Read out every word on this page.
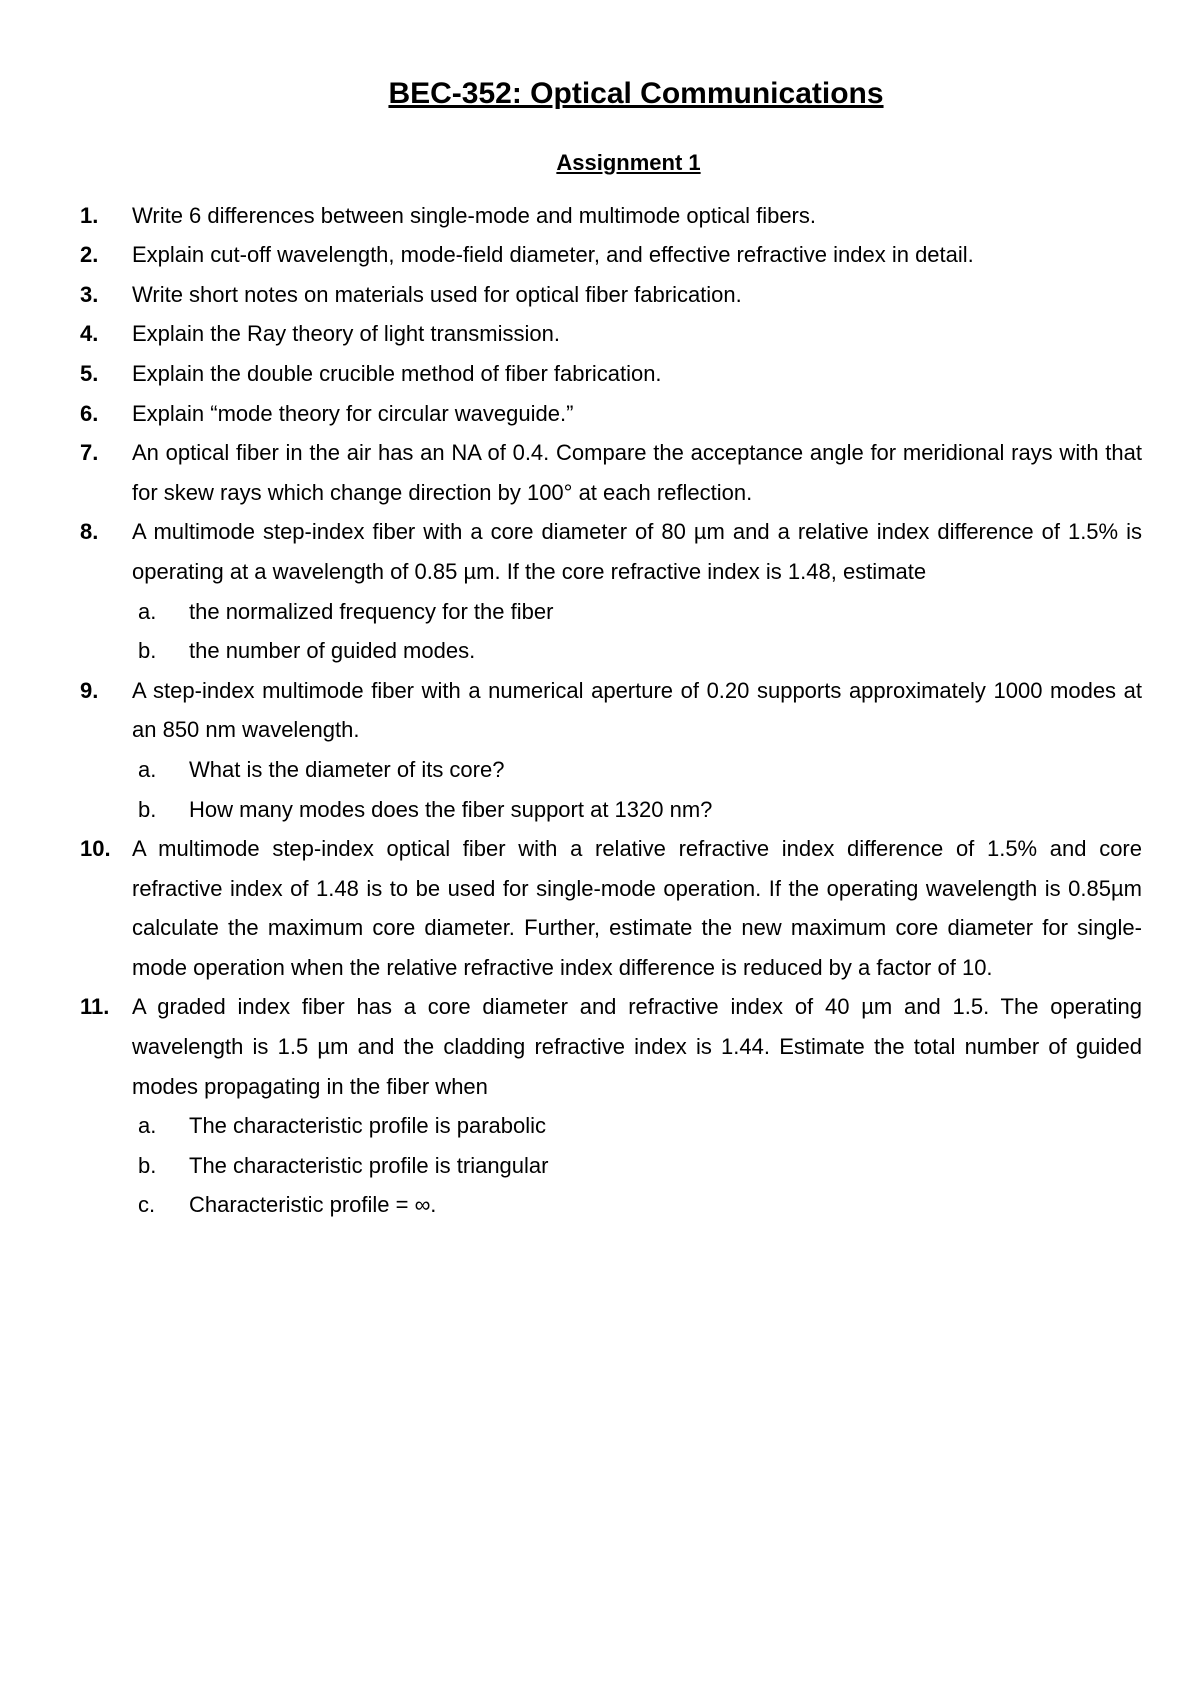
BEC-352: Optical Communications
Assignment 1
1.	Write 6 differences between single-mode and multimode optical fibers.
2.	Explain cut-off wavelength, mode-field diameter, and effective refractive index in detail.
3.	Write short notes on materials used for optical fiber fabrication.
4.	Explain the Ray theory of light transmission.
5.	Explain the double crucible method of fiber fabrication.
6.	Explain “mode theory for circular waveguide.”
7.	An optical fiber in the air has an NA of 0.4. Compare the acceptance angle for meridional rays with that for skew rays which change direction by 100° at each reflection.
8.	A multimode step-index fiber with a core diameter of 80 µm and a relative index difference of 1.5% is operating at a wavelength of 0.85 µm. If the core refractive index is 1.48, estimate
a. the normalized frequency for the fiber
b. the number of guided modes.
9.	A step-index multimode fiber with a numerical aperture of 0.20 supports approximately 1000 modes at an 850 nm wavelength.
a. What is the diameter of its core?
b. How many modes does the fiber support at 1320 nm?
10. A multimode step-index optical fiber with a relative refractive index difference of 1.5% and core refractive index of 1.48 is to be used for single-mode operation. If the operating wavelength is 0.85µm calculate the maximum core diameter. Further, estimate the new maximum core diameter for single-mode operation when the relative refractive index difference is reduced by a factor of 10.
11.	A graded index fiber has a core diameter and refractive index of 40 µm and 1.5. The operating wavelength is 1.5 µm and the cladding refractive index is 1.44. Estimate the total number of guided modes propagating in the fiber when
a. The characteristic profile is parabolic
b. The characteristic profile is triangular
c. Characteristic profile = ∞.
